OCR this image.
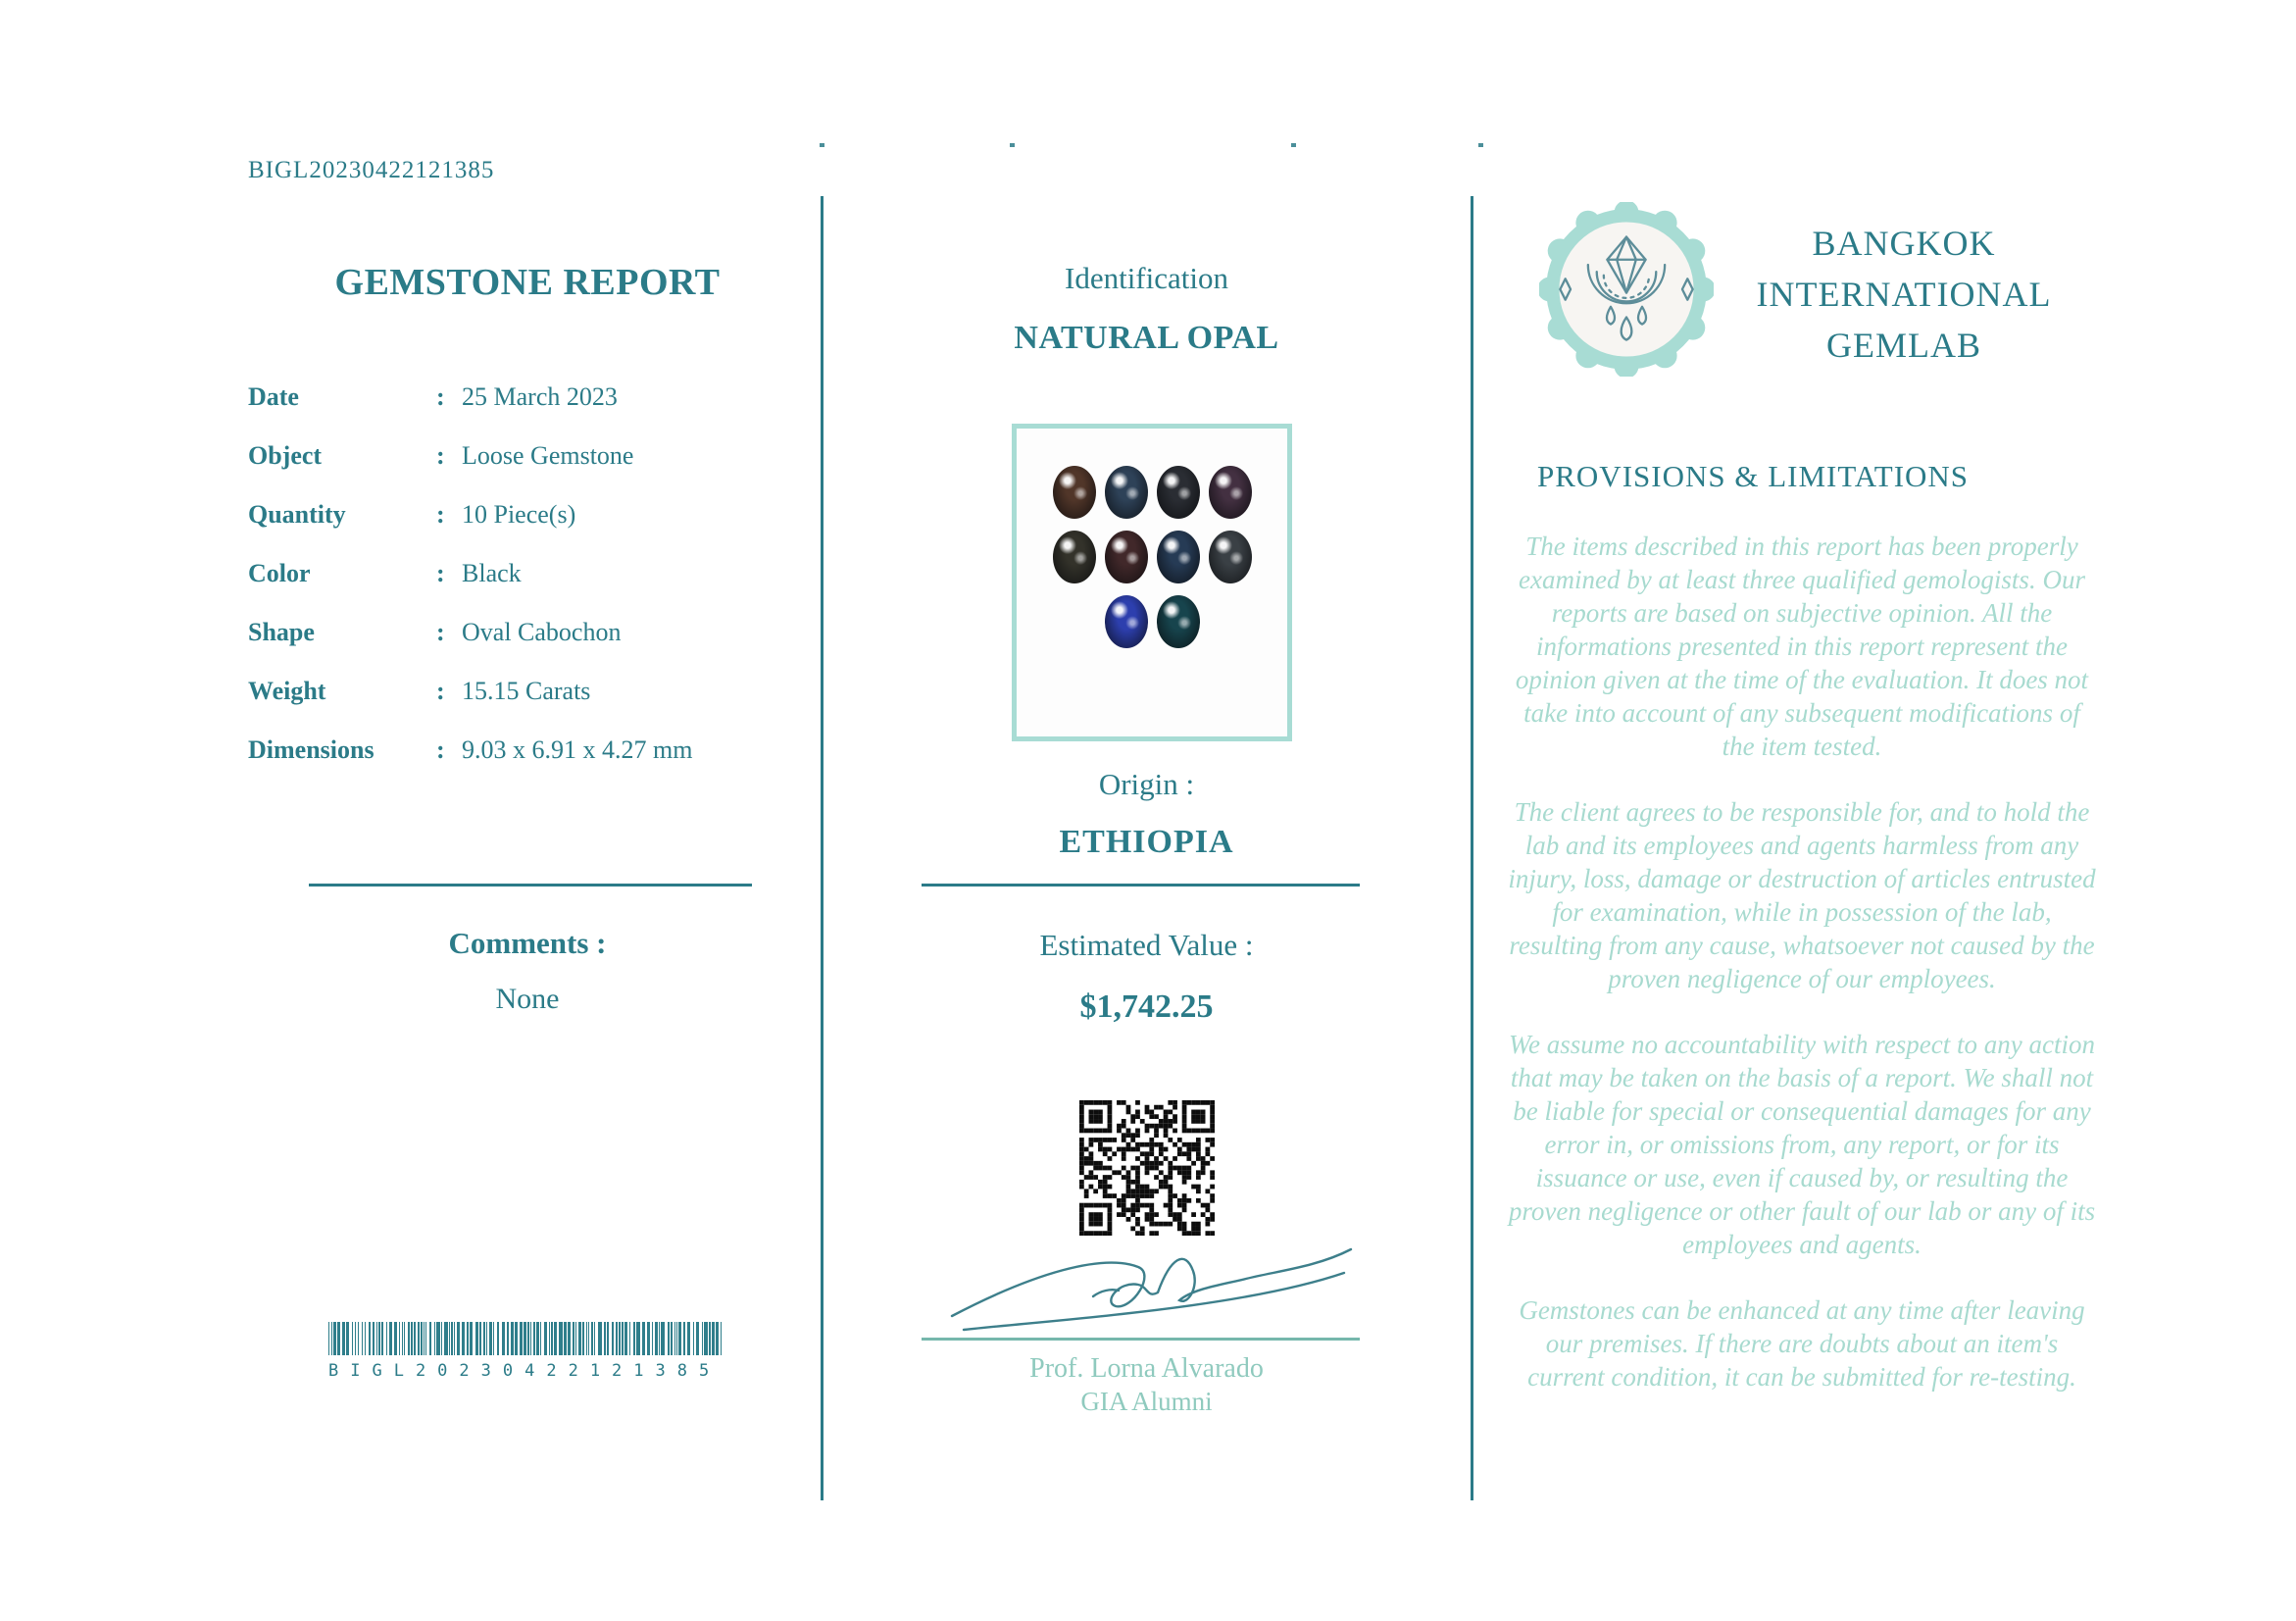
BIGL20230422121385
GEMSTONE REPORT
Date	: 25 March 2023
Object	: Loose Gemstone
Quantity	: 10 Piece(s)
Color	: Black
Shape	: Oval Cabochon
Weight	: 15.15 Carats
Dimensions	: 9.03 x 6.91 x 4.27 mm
Comments :
None
BIGL20230422121385
Identification
NATURAL OPAL
Origin :
ETHIOPIA
Estimated Value :
$1,742.25
Prof. Lorna Alvarado
GIA Alumni
BANGKOK
INTERNATIONAL
GEMLAB
PROVISIONS & LIMITATIONS

The items described in this report has been properly examined by at least three qualified gemologists. Our reports are based on subjective opinion. All the informations presented in this report represent the opinion given at the time of the evaluation. It does not take into account of any subsequent modifications of the item tested.

The client agrees to be responsible for, and to hold the lab and its employees and agents harmless from any injury, loss, damage or destruction of articles entrusted for examination, while in possession of the lab, resulting from any cause, whatsoever not caused by the proven negligence of our employees.

We assume no accountability with respect to any action that may be taken on the basis of a report. We shall not be liable for special or consequential damages for any error in, or omissions from, any report, or for its issuance or use, even if caused by, or resulting the proven negligence or other fault of our lab or any of its employees and agents.

Gemstones can be enhanced at any time after leaving our premises. If there are doubts about an item's current condition, it can be submitted for re-testing.
